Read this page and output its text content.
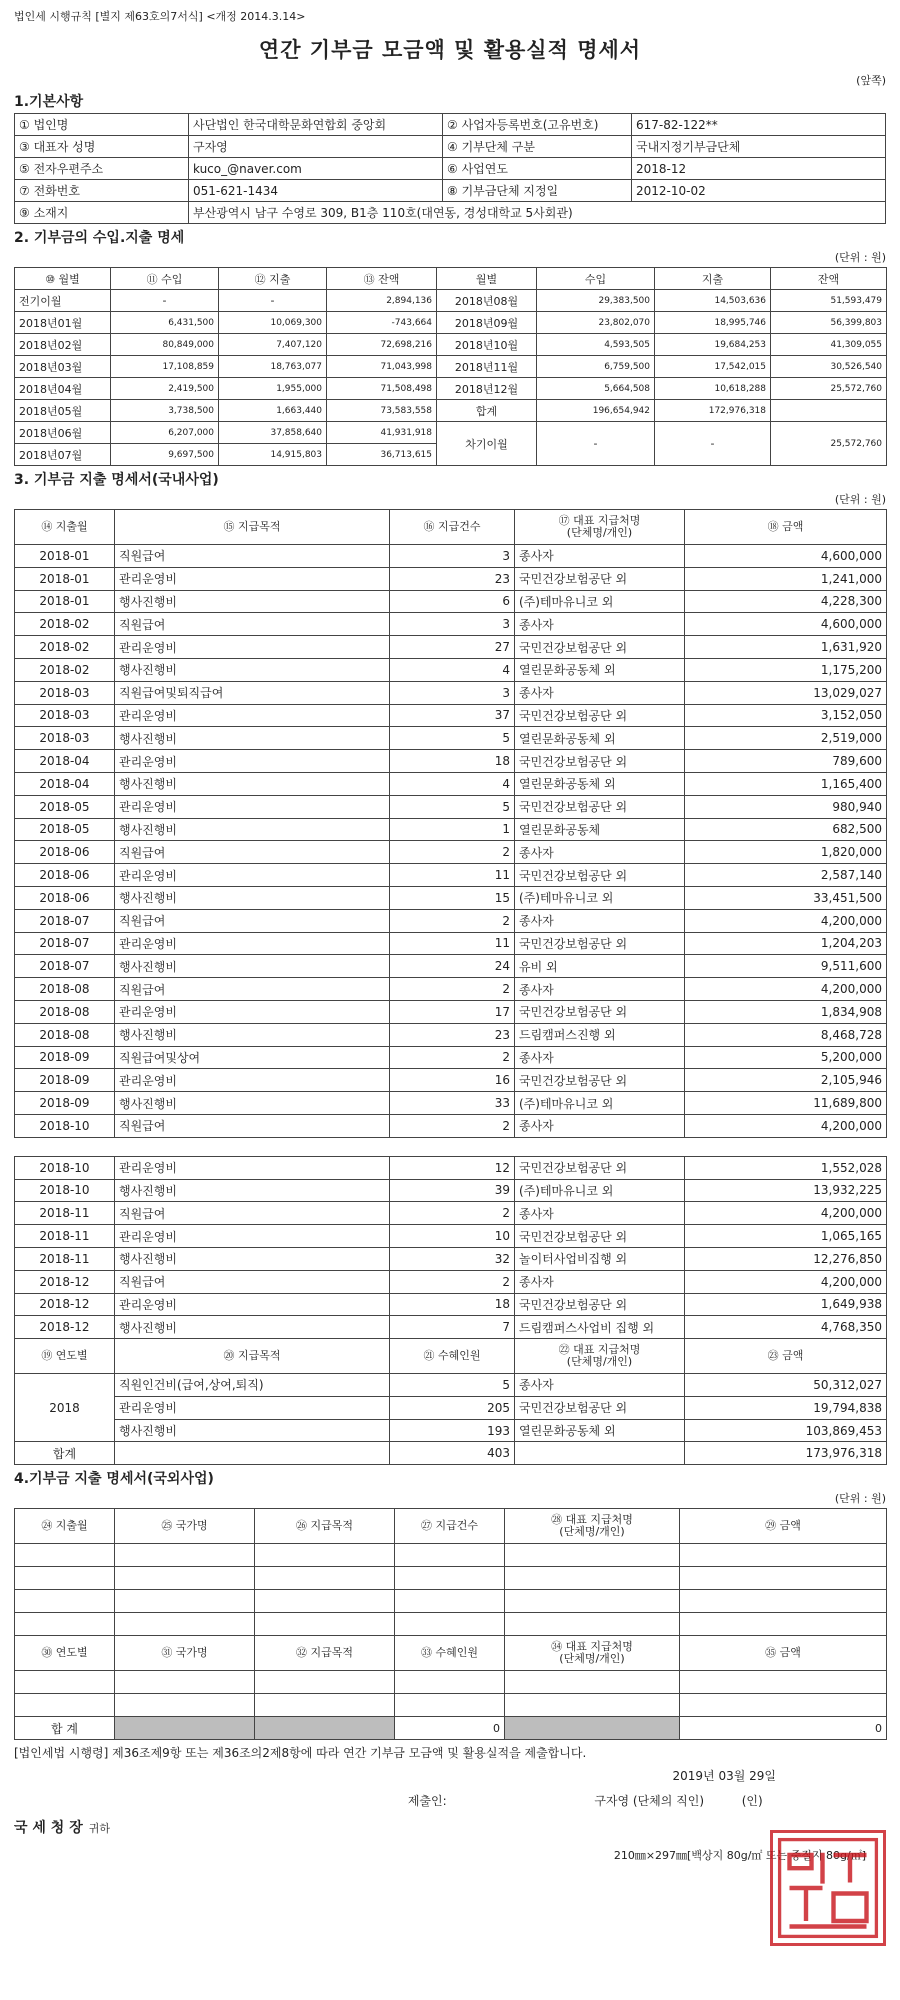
법인세 시행규칙 [별지 제63호의7서식] <개정 2014.3.14>
연간 기부금 모금액 및 활용실적 명세서
(앞쪽)
1.기본사항
① 법인명	사단법인 한국대학문화연합회 중앙회	② 사업자등록번호(고유번호)	617-82-122**
③ 대표자 성명	구자영	④ 기부단체 구분	국내지정기부금단체
⑤ 전자우편주소	kuco_@naver.com	⑥ 사업연도	2018-12
⑦ 전화번호	051-621-1434	⑧ 기부금단체 지정일	2012-10-02
⑨ 소재지	부산광역시 남구 수영로 309, B1층 110호(대연동, 경성대학교 5사회관)		
2. 기부금의 수입.지출 명세
(단위 : 원)
⑩ 월별	⑪ 수입	⑫ 지출	⑬ 잔액	월별	수입	지출	잔액
전기이월	-	-	2,894,136	2018년08월	29,383,500	14,503,636	51,593,479
2018년01월	6,431,500	10,069,300	-743,664	2018년09월	23,802,070	18,995,746	56,399,803
2018년02월	80,849,000	7,407,120	72,698,216	2018년10월	4,593,505	19,684,253	41,309,055
2018년03월	17,108,859	18,763,077	71,043,998	2018년11월	6,759,500	17,542,015	30,526,540
2018년04월	2,419,500	1,955,000	71,508,498	2018년12월	5,664,508	10,618,288	25,572,760
2018년05월	3,738,500	1,663,440	73,583,558	합계	196,654,942	172,976,318	
2018년06월	6,207,000	37,858,640	41,931,918	차기이월	-	-	25,572,760
2018년07월	9,697,500	14,915,803	36,713,615				
3. 기부금 지출 명세서(국내사업)
(단위 : 원)
⑭ 지출월	⑮ 지급목적	⑯ 지급건수	⑰ 대표 지급처명
(단체명/개인)	⑱ 금액
2018-01	직원급여	3	종사자	4,600,000
2018-01	관리운영비	23	국민건강보험공단 외	1,241,000
2018-01	행사진행비	6	(주)테마유니코 외	4,228,300
2018-02	직원급여	3	종사자	4,600,000
2018-02	관리운영비	27	국민건강보험공단 외	1,631,920
2018-02	행사진행비	4	열린문화공동체 외	1,175,200
2018-03	직원급여및퇴직급여	3	종사자	13,029,027
2018-03	관리운영비	37	국민건강보험공단 외	3,152,050
2018-03	행사진행비	5	열린문화공동체 외	2,519,000
2018-04	관리운영비	18	국민건강보험공단 외	789,600
2018-04	행사진행비	4	열린문화공동체 외	1,165,400
2018-05	관리운영비	5	국민건강보험공단 외	980,940
2018-05	행사진행비	1	열린문화공동체	682,500
2018-06	직원급여	2	종사자	1,820,000
2018-06	관리운영비	11	국민건강보험공단 외	2,587,140
2018-06	행사진행비	15	(주)테마유니코 외	33,451,500
2018-07	직원급여	2	종사자	4,200,000
2018-07	관리운영비	11	국민건강보험공단 외	1,204,203
2018-07	행사진행비	24	유비 외	9,511,600
2018-08	직원급여	2	종사자	4,200,000
2018-08	관리운영비	17	국민건강보험공단 외	1,834,908
2018-08	행사진행비	23	드림캠퍼스진행 외	8,468,728
2018-09	직원급여및상여	2	종사자	5,200,000
2018-09	관리운영비	16	국민건강보험공단 외	2,105,946
2018-09	행사진행비	33	(주)테마유니코 외	11,689,800
2018-10	직원급여	2	종사자	4,200,000

2018-10	관리운영비	12	국민건강보험공단 외	1,552,028
2018-10	행사진행비	39	(주)테마유니코 외	13,932,225
2018-11	직원급여	2	종사자	4,200,000
2018-11	관리운영비	10	국민건강보험공단 외	1,065,165
2018-11	행사진행비	32	놀이터사업비집행 외	12,276,850
2018-12	직원급여	2	종사자	4,200,000
2018-12	관리운영비	18	국민건강보험공단 외	1,649,938
2018-12	행사진행비	7	드림캠퍼스사업비 집행 외	4,768,350
⑲ 연도별	⑳ 지급목적	㉑ 수혜인원	㉒ 대표 지급처명
(단체명/개인)	㉓ 금액
2018	직원인건비(급여,상여,퇴직)	5	종사자	50,312,027
	관리운영비	205	국민건강보험공단 외	19,794,838
	행사진행비	193	열린문화공동체 외	103,869,453
합계		403		173,976,318
4.기부금 지출 명세서(국외사업)
(단위 : 원)
㉔ 지출월	㉕ 국가명	㉖ 지급목적	㉗ 지급건수	㉘ 대표 지급처명
(단체명/개인)	㉙ 금액

㉚ 연도별	㉛ 국가명	㉜ 지급목적	㉝ 수혜인원	㉞ 대표 지급처명
(단체명/개인)	㉟ 금액

합 계			0		0
[법인세법 시행령] 제36조제9항 또는 제36조의2제8항에 따라 연간 기부금 모금액 및 활용실적을 제출합니다.
2019년 03월 29일
제출인:	구자영 (단체의 직인)	(인)
국 세 청 장 귀하
210㎜×297㎜[백상지 80g/㎡ 또는 중질지 80g/㎡]
